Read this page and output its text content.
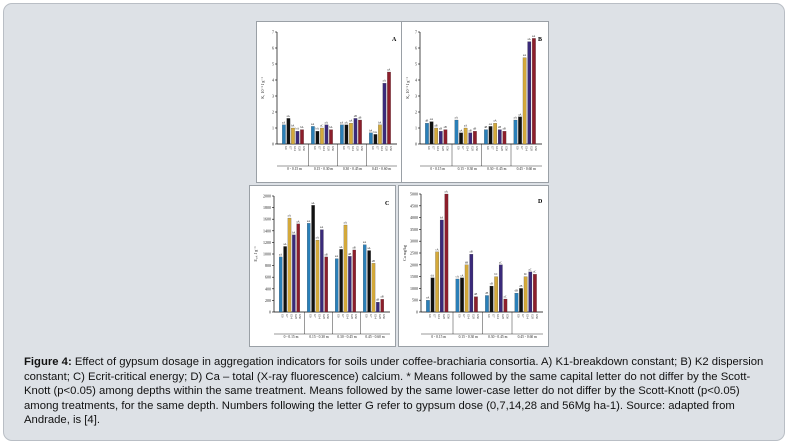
0
1
2
3
4
5
6
7
K₁ 10⁻³ J g⁻¹
A
aA
G0
aA
G7
bA
G14
bA
G28
bA
G56
0 - 0.15 m
aA
G0
bA
G7
aC
G14
aA
G28
bA
G56
0.15 - 0.30 m
aA
G0
aA
G7
aA
G14
aB
G28
aB
G56
0.30 - 0.45 m
bA
G0
bA
G7
bA
G14
aA
G28
aA
G56
0.45 - 0.60 m
0
1
2
3
4
5
6
7
K₂ 10⁻³ J g⁻¹
B
aB
G0
aA
G7
aB
G14
aB
G28
aB
G56
0 - 0.15 m
aA
G0
aA
G7
aA
G14
aB
G28
aB
G56
0.15 - 0.30 m
aB
G0
aA
G7
aA
G14
aB
G28
aB
G56
0.30 - 0.45 m
aA
G0
aA
G7
aA
G14
aA
G28
aA
G56
0.45 - 0.60 m
0
200
400
600
800
1000
1200
1400
1600
1800
2000
Eₐᵣᵢₜ J g⁻¹
C
aA
G0
aA
G7
aA
G14
bA
G28
aA
G56
0 - 0.15 m
aA
G0
aA
G7
aA
G14
aA
G28
aB
G56
0.15 - 0.30 m
aA
G0
aA
G7
aA
G14
aB
G28
aB
G56
0.30 - 0.45 m
aA
G0
aA
G7
aB
G14
aB
G28
aB
G56
0.45 - 0.60 m
0
500
1000
1500
2000
2500
3000
3500
4000
4500
5000
Ca mg/kg
D
eA
G0
dA
G7
cA
G14
bA
G28
aA
G56
0 - 0.15 m
cA
G0
cA
G7
bB
G14
aB
G28
aB
G56
0.15 - 0.30 m
cB
G0
cB
G7
bC
G14
aC
G28
aC
G56
0.30 - 0.45 m
dB
G0
cB
G7
bC
G14
aC
G28
aC
G56
0.45 - 0.60 m
Figure 4: Effect of gypsum dosage in aggregation indicators for soils under coffee-brachiaria consortia. A) K1-breakdown constant; B) K2 dispersion constant; C) Ecrit-critical energy; D) Ca – total (X-ray fluorescence) calcium. * Means followed by the same capital letter do not differ by the Scott-Knott (p<0.05) among depths within the same treatment. Means followed by the same lower-case letter do not differ by the Scott-Knott (p<0.05) among treatments, for the same depth. Numbers following the letter G refer to gypsum dose (0,7,14,28 and 56Mg ha-1). Source: adapted from Andrade, is [4].
